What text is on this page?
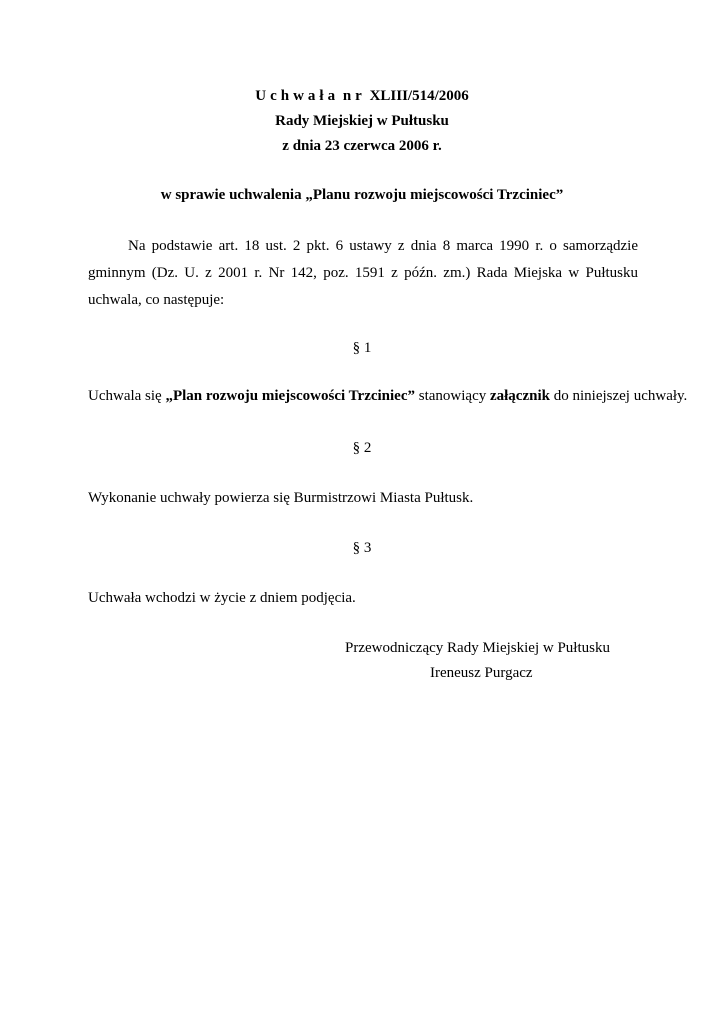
Uchwała nr XLIII/514/2006
Rady Miejskiej w Pułtusku
z dnia 23 czerwca 2006 r.
w sprawie uchwalenia „Planu rozwoju miejscowości Trzciniec”
Na podstawie art. 18 ust. 2 pkt. 6 ustawy z dnia 8 marca 1990 r. o samorządzie gminnym (Dz. U. z 2001 r. Nr 142, poz. 1591 z późn. zm.) Rada Miejska w Pułtusku uchwala, co następuje:
§ 1
Uchwala się „Plan rozwoju miejscowości Trzciniec” stanowiący załącznik do niniejszej uchwały.
§ 2
Wykonanie uchwały powierza się Burmistrzowi Miasta Pułtusk.
§ 3
Uchwała wchodzi w życie z dniem podjęcia.
Przewodniczący Rady Miejskiej w Pułtusku
Ireneusz Purgacz
